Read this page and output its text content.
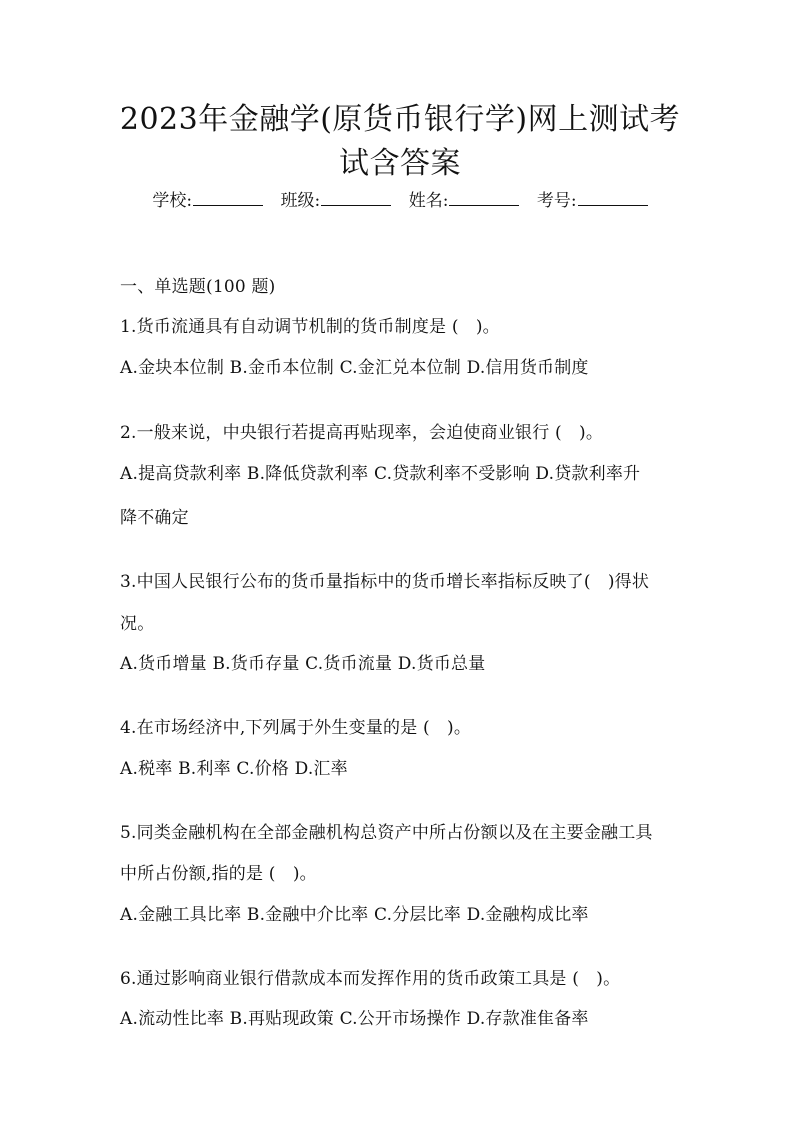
2023年金融学(原货币银行学)网上测试考
试含答案
学校:	班级:	姓名:	考号:
一、单选题(100 题)
1.货币流通具有自动调节机制的货币制度是 (　)。
A.金块本位制 B.金币本位制 C.金汇兑本位制 D.信用货币制度
2.一般来说，中央银行若提高再贴现率，会迫使商业银行 (　)。
A.提高贷款利率 B.降低贷款利率 C.贷款利率不受影响 D.贷款利率升
降不确定
3.中国人民银行公布的货币量指标中的货币增长率指标反映了(　)得状
况。
A.货币增量 B.货币存量 C.货币流量 D.货币总量
4.在市场经济中,下列属于外生变量的是 (　)。
A.税率 B.利率 C.价格 D.汇率
5.同类金融机构在全部金融机构总资产中所占份额以及在主要金融工具
中所占份额,指的是 (　)。
A.金融工具比率 B.金融中介比率 C.分层比率 D.金融构成比率
6.通过影响商业银行借款成本而发挥作用的货币政策工具是 (　)。
A.流动性比率 B.再贴现政策 C.公开市场操作 D.存款准隹备率
